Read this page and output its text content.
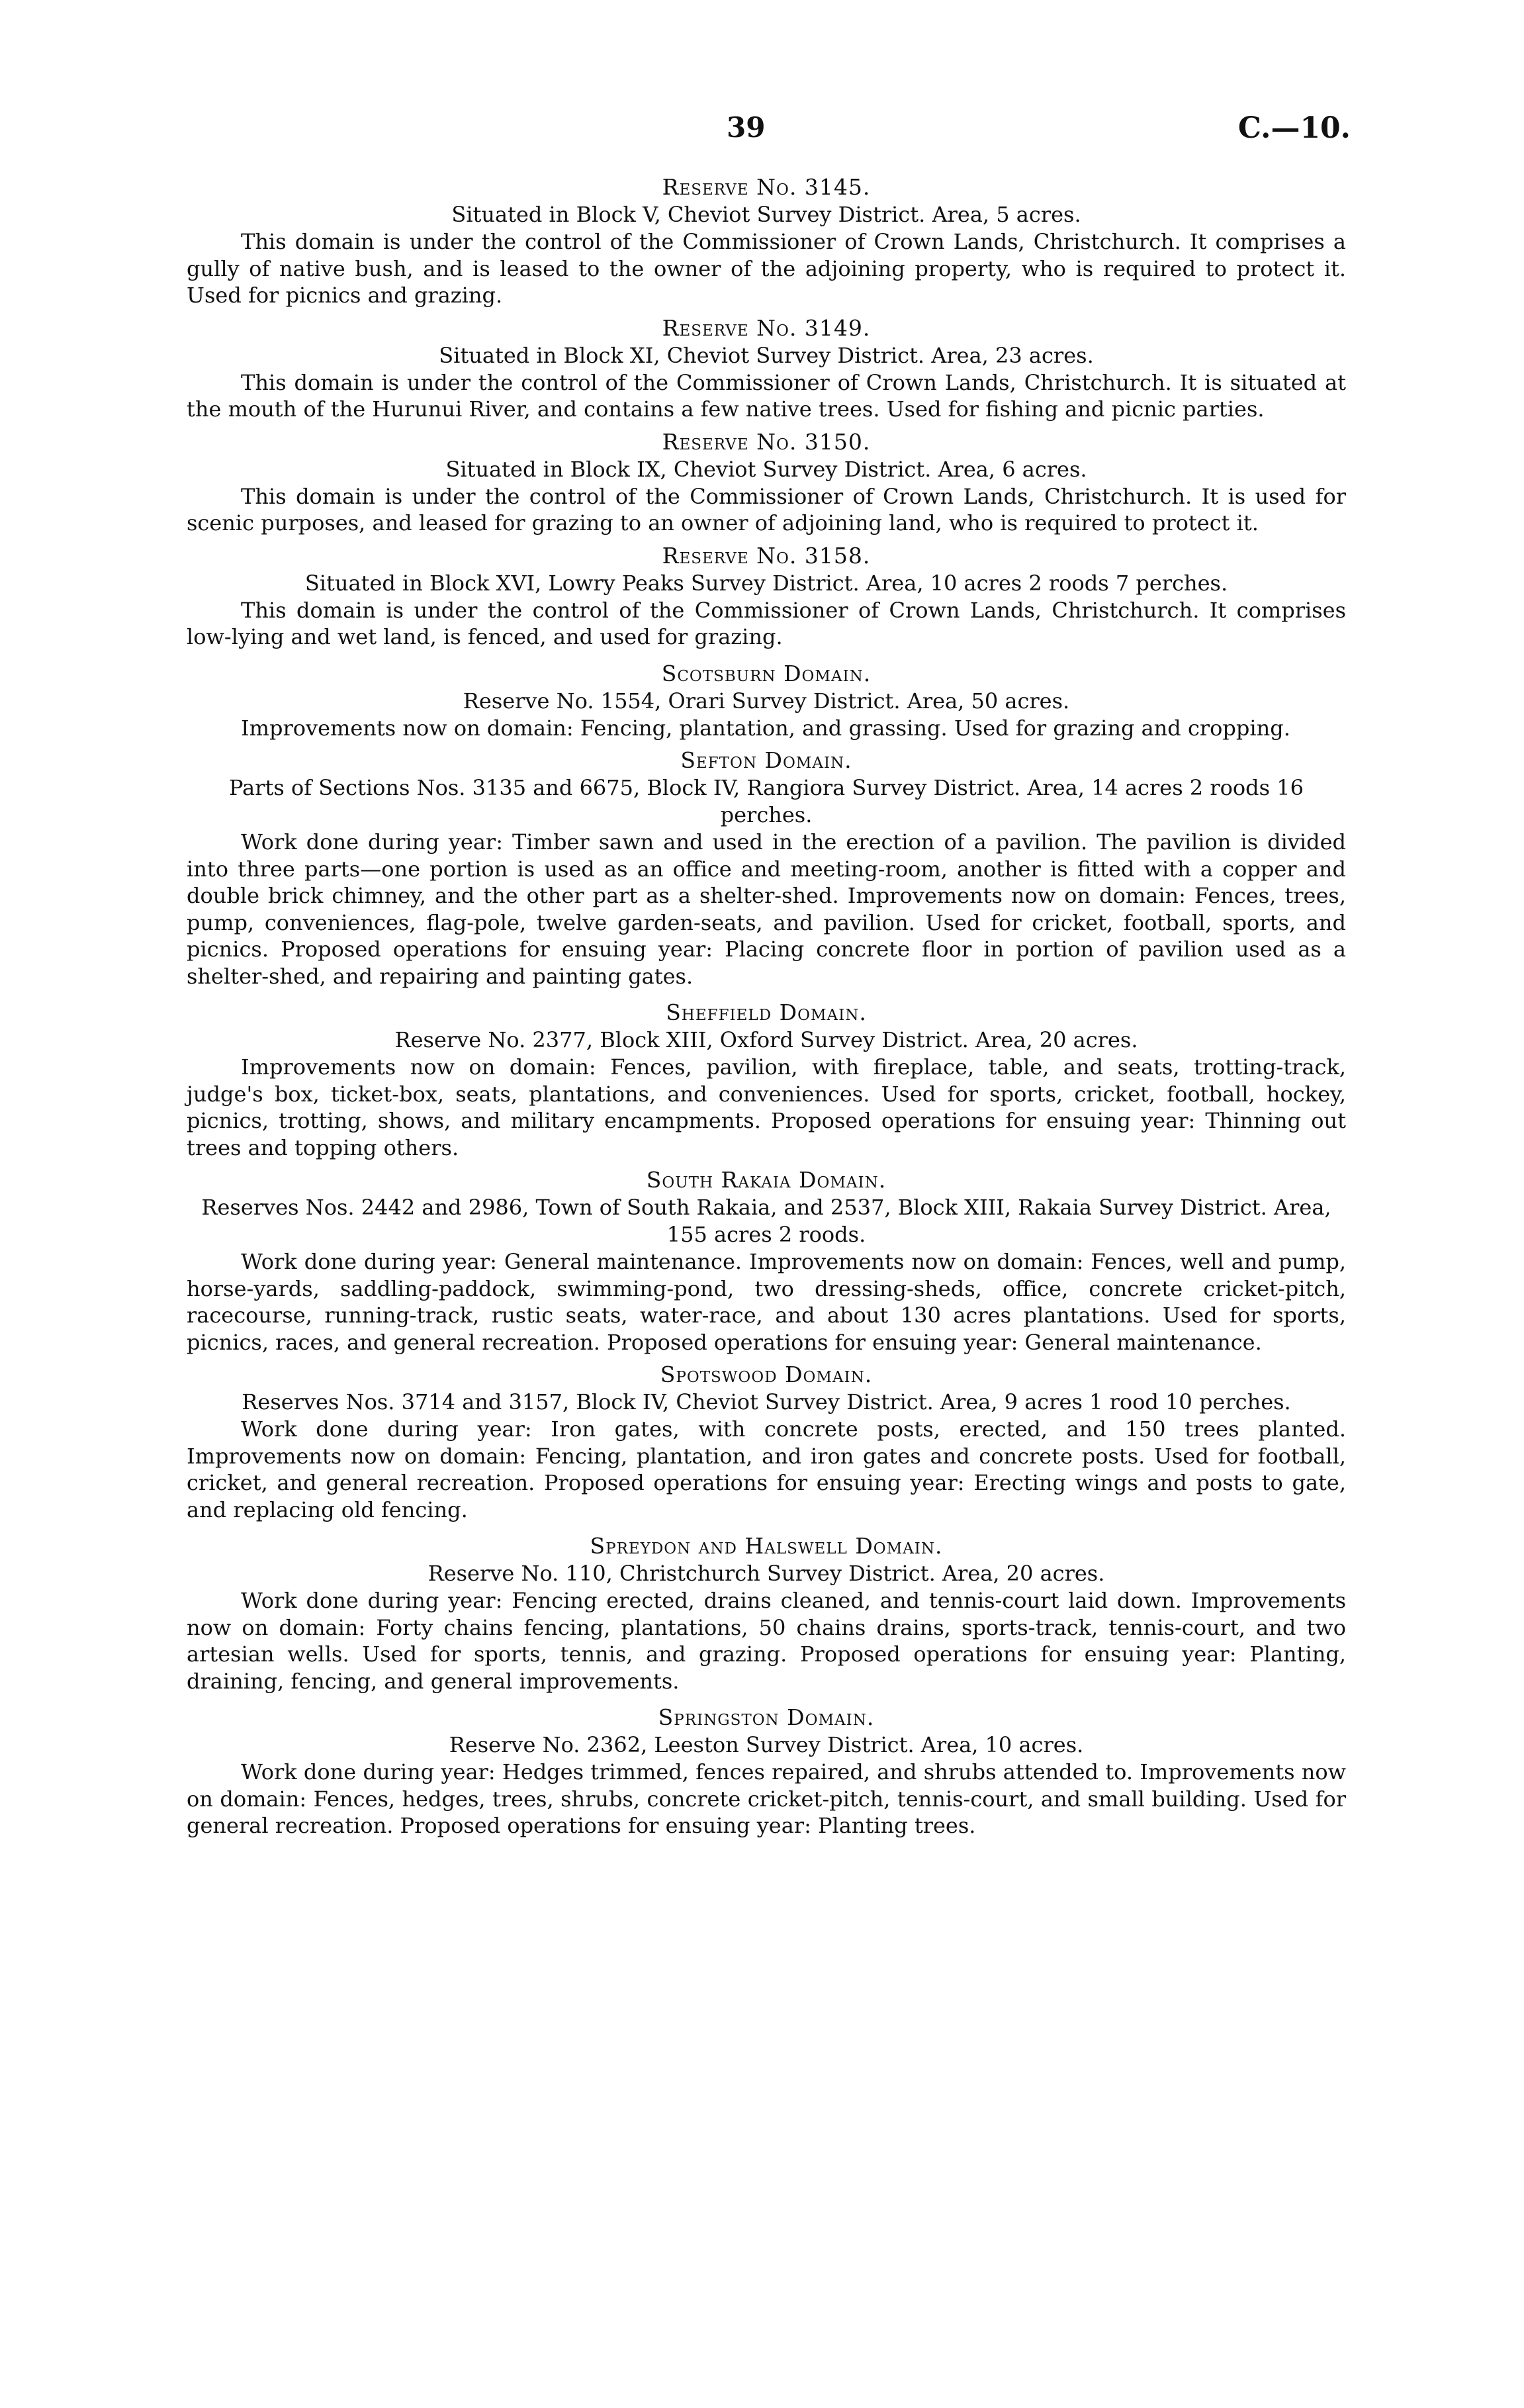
39	C.—10.

Reserve No. 3145.

Situated in Block V, Cheviot Survey District. Area, 5 acres.

This domain is under the control of the Commissioner of Crown Lands, Christchurch. It comprises a gully of native bush, and is leased to the owner of the adjoining property, who is required to protect it. Used for picnics and grazing.

Reserve No. 3149.

Situated in Block XI, Cheviot Survey District. Area, 23 acres.

This domain is under the control of the Commissioner of Crown Lands, Christchurch. It is situated at the mouth of the Hurunui River, and contains a few native trees. Used for fishing and picnic parties.

Reserve No. 3150.

Situated in Block IX, Cheviot Survey District. Area, 6 acres.

This domain is under the control of the Commissioner of Crown Lands, Christchurch. It is used for scenic purposes, and leased for grazing to an owner of adjoining land, who is required to protect it.

Reserve No. 3158.

Situated in Block XVI, Lowry Peaks Survey District. Area, 10 acres 2 roods 7 perches.

This domain is under the control of the Commissioner of Crown Lands, Christchurch. It comprises low-lying and wet land, is fenced, and used for grazing.

Scotsburn Domain.

Reserve No. 1554, Orari Survey District. Area, 50 acres.

Improvements now on domain: Fencing, plantation, and grassing. Used for grazing and cropping.

Sefton Domain.

Parts of Sections Nos. 3135 and 6675, Block IV, Rangiora Survey District. Area, 14 acres 2 roods 16 perches.

Work done during year: Timber sawn and used in the erection of a pavilion. The pavilion is divided into three parts—one portion is used as an office and meeting-room, another is fitted with a copper and double brick chimney, and the other part as a shelter-shed. Improvements now on domain: Fences, trees, pump, conveniences, flag-pole, twelve garden-seats, and pavilion. Used for cricket, football, sports, and picnics. Proposed operations for ensuing year: Placing concrete floor in portion of pavilion used as a shelter-shed, and repairing and painting gates.

Sheffield Domain.

Reserve No. 2377, Block XIII, Oxford Survey District. Area, 20 acres.

Improvements now on domain: Fences, pavilion, with fireplace, table, and seats, trotting-track, judge's box, ticket-box, seats, plantations, and conveniences. Used for sports, cricket, football, hockey, picnics, trotting, shows, and military encampments. Proposed operations for ensuing year: Thinning out trees and topping others.

South Rakaia Domain.

Reserves Nos. 2442 and 2986, Town of South Rakaia, and 2537, Block XIII, Rakaia Survey District. Area, 155 acres 2 roods.

Work done during year: General maintenance. Improvements now on domain: Fences, well and pump, horse-yards, saddling-paddock, swimming-pond, two dressing-sheds, office, concrete cricket-pitch, racecourse, running-track, rustic seats, water-race, and about 130 acres plantations. Used for sports, picnics, races, and general recreation. Proposed operations for ensuing year: General maintenance.

Spotswood Domain.

Reserves Nos. 3714 and 3157, Block IV, Cheviot Survey District. Area, 9 acres 1 rood 10 perches.

Work done during year: Iron gates, with concrete posts, erected, and 150 trees planted. Improvements now on domain: Fencing, plantation, and iron gates and concrete posts. Used for football, cricket, and general recreation. Proposed operations for ensuing year: Erecting wings and posts to gate, and replacing old fencing.

Spreydon and Halswell Domain.

Reserve No. 110, Christchurch Survey District. Area, 20 acres.

Work done during year: Fencing erected, drains cleaned, and tennis-court laid down. Improvements now on domain: Forty chains fencing, plantations, 50 chains drains, sports-track, tennis-court, and two artesian wells. Used for sports, tennis, and grazing. Proposed operations for ensuing year: Planting, draining, fencing, and general improvements.

Springston Domain.

Reserve No. 2362, Leeston Survey District. Area, 10 acres.

Work done during year: Hedges trimmed, fences repaired, and shrubs attended to. Improvements now on domain: Fences, hedges, trees, shrubs, concrete cricket-pitch, tennis-court, and small building. Used for general recreation. Proposed operations for ensuing year: Planting trees.
